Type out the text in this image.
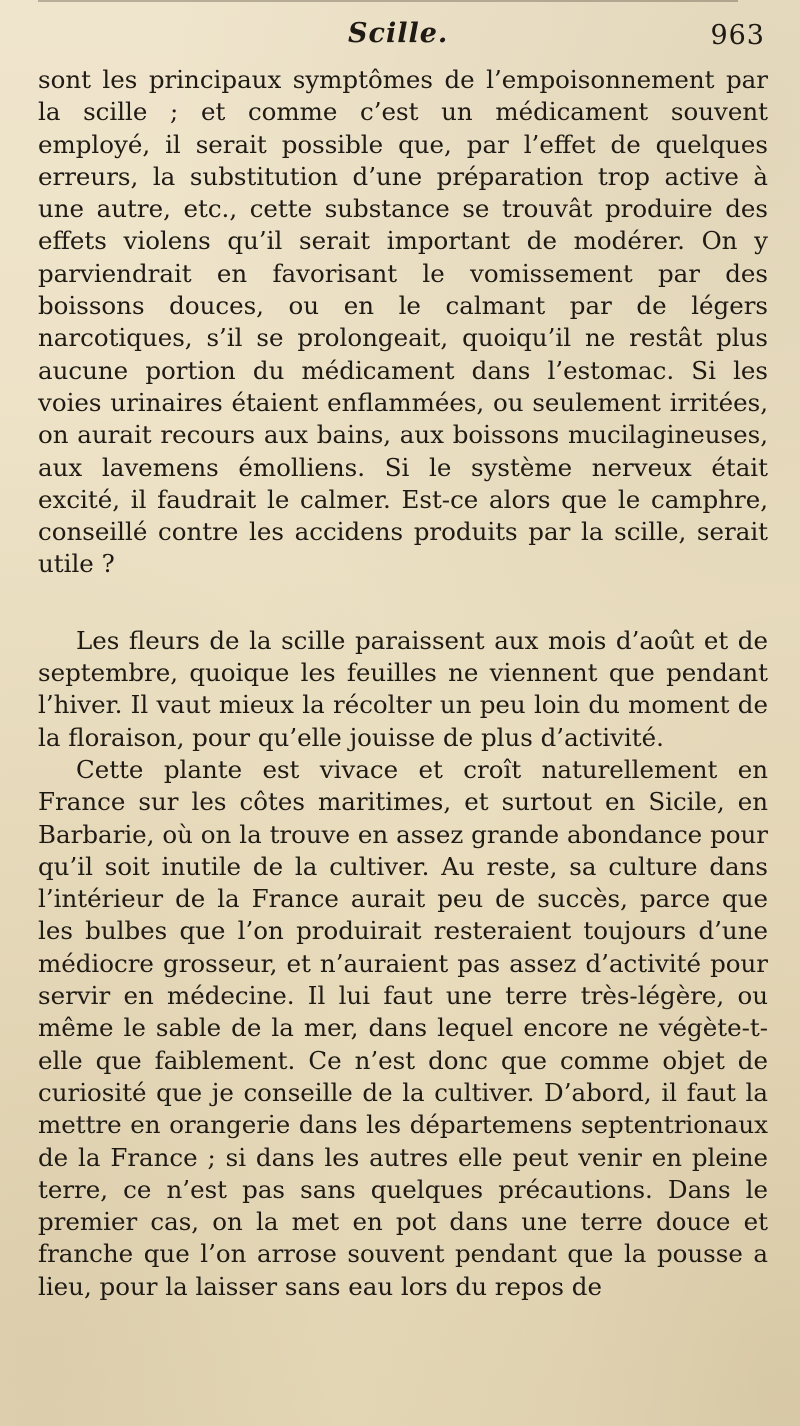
Scille.	963

sont les principaux symptômes de l’empoisonnement par la scille ; et comme c’est un médicament souvent employé, il serait possible que, par l’effet de quelques erreurs, la substitution d’une préparation trop active à une autre, etc., cette substance se trouvât produire des effets violens qu’il serait important de modérer. On y parviendrait en favorisant le vomissement par des boissons douces, ou en le calmant par de légers narcotiques, s’il se prolongeait, quoiqu’il ne restât plus aucune portion du médicament dans l’estomac. Si les voies urinaires étaient enflammées, ou seulement irritées, on aurait recours aux bains, aux boissons mucilagineuses, aux lavemens émolliens. Si le système nerveux était excité, il faudrait le calmer. Est-ce alors que le camphre, conseillé contre les accidens produits par la scille, serait utile ?

Les fleurs de la scille paraissent aux mois d’août et de septembre, quoique les feuilles ne viennent que pendant l’hiver. Il vaut mieux la récolter un peu loin du moment de la floraison, pour qu’elle jouisse de plus d’activité.

Cette plante est vivace et croît naturellement en France sur les côtes maritimes, et surtout en Sicile, en Barbarie, où on la trouve en assez grande abondance pour qu’il soit inutile de la cultiver. Au reste, sa culture dans l’intérieur de la France aurait peu de succès, parce que les bulbes que l’on produirait resteraient toujours d’une médiocre grosseur, et n’auraient pas assez d’activité pour servir en médecine. Il lui faut une terre très-légère, ou même le sable de la mer, dans lequel encore ne végète-t-elle que faiblement. Ce n’est donc que comme objet de curiosité que je conseille de la cultiver. D’abord, il faut la mettre en orangerie dans les départemens septentrionaux de la France ; si dans les autres elle peut venir en pleine terre, ce n’est pas sans quelques précautions. Dans le premier cas, on la met en pot dans une terre douce et franche que l’on arrose souvent pendant que la pousse a lieu, pour la laisser sans eau lors du repos de
